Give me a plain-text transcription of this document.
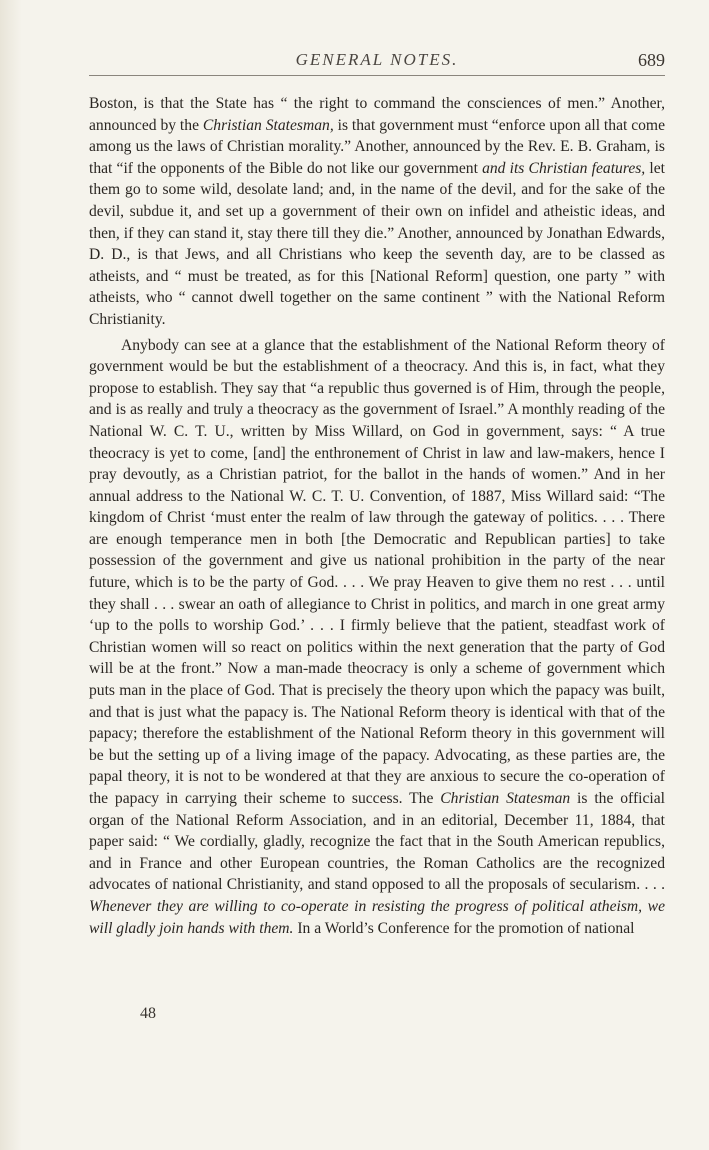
GENERAL NOTES.	689

Boston, is that the State has “ the right to command the consciences of men.” Another, announced by the Christian Statesman, is that government must “enforce upon all that come among us the laws of Christian morality.” Another, announced by the Rev. E. B. Graham, is that “if the opponents of the Bible do not like our government and its Christian features, let them go to some wild, desolate land; and, in the name of the devil, and for the sake of the devil, subdue it, and set up a government of their own on infidel and atheistic ideas, and then, if they can stand it, stay there till they die.” Another, announced by Jonathan Edwards, D. D., is that Jews, and all Christians who keep the seventh day, are to be classed as atheists, and “ must be treated, as for this [National Reform] question, one party ” with atheists, who “ cannot dwell together on the same continent ” with the National Reform Christianity.

Anybody can see at a glance that the establishment of the National Reform theory of government would be but the establishment of a theocracy. And this is, in fact, what they propose to establish. They say that “a republic thus governed is of Him, through the people, and is as really and truly a theocracy as the government of Israel.” A monthly reading of the National W. C. T. U., written by Miss Willard, on God in government, says: “ A true theocracy is yet to come, [and] the enthronement of Christ in law and law-makers, hence I pray devoutly, as a Christian patriot, for the ballot in the hands of women.” And in her annual address to the National W. C. T. U. Convention, of 1887, Miss Willard said: “The kingdom of Christ ‘must enter the realm of law through the gateway of politics. . . . There are enough temperance men in both [the Democratic and Republican parties] to take possession of the government and give us national prohibition in the party of the near future, which is to be the party of God. . . . We pray Heaven to give them no rest . . . until they shall . . . swear an oath of allegiance to Christ in politics, and march in one great army ‘up to the polls to worship God.’ . . . I firmly believe that the patient, steadfast work of Christian women will so react on politics within the next generation that the party of God will be at the front.” Now a man-made theocracy is only a scheme of government which puts man in the place of God. That is precisely the theory upon which the papacy was built, and that is just what the papacy is. The National Reform theory is identical with that of the papacy; therefore the establishment of the National Reform theory in this government will be but the setting up of a living image of the papacy. Advocating, as these parties are, the papal theory, it is not to be wondered at that they are anxious to secure the co-operation of the papacy in carrying their scheme to success. The Christian Statesman is the official organ of the National Reform Association, and in an editorial, December 11, 1884, that paper said: “ We cordially, gladly, recognize the fact that in the South American republics, and in France and other European countries, the Roman Catholics are the recognized advocates of national Christianity, and stand opposed to all the proposals of secularism. . . . Whenever they are willing to co-operate in resisting the progress of political atheism, we will gladly join hands with them. In a World’s Conference for the promotion of national

48
